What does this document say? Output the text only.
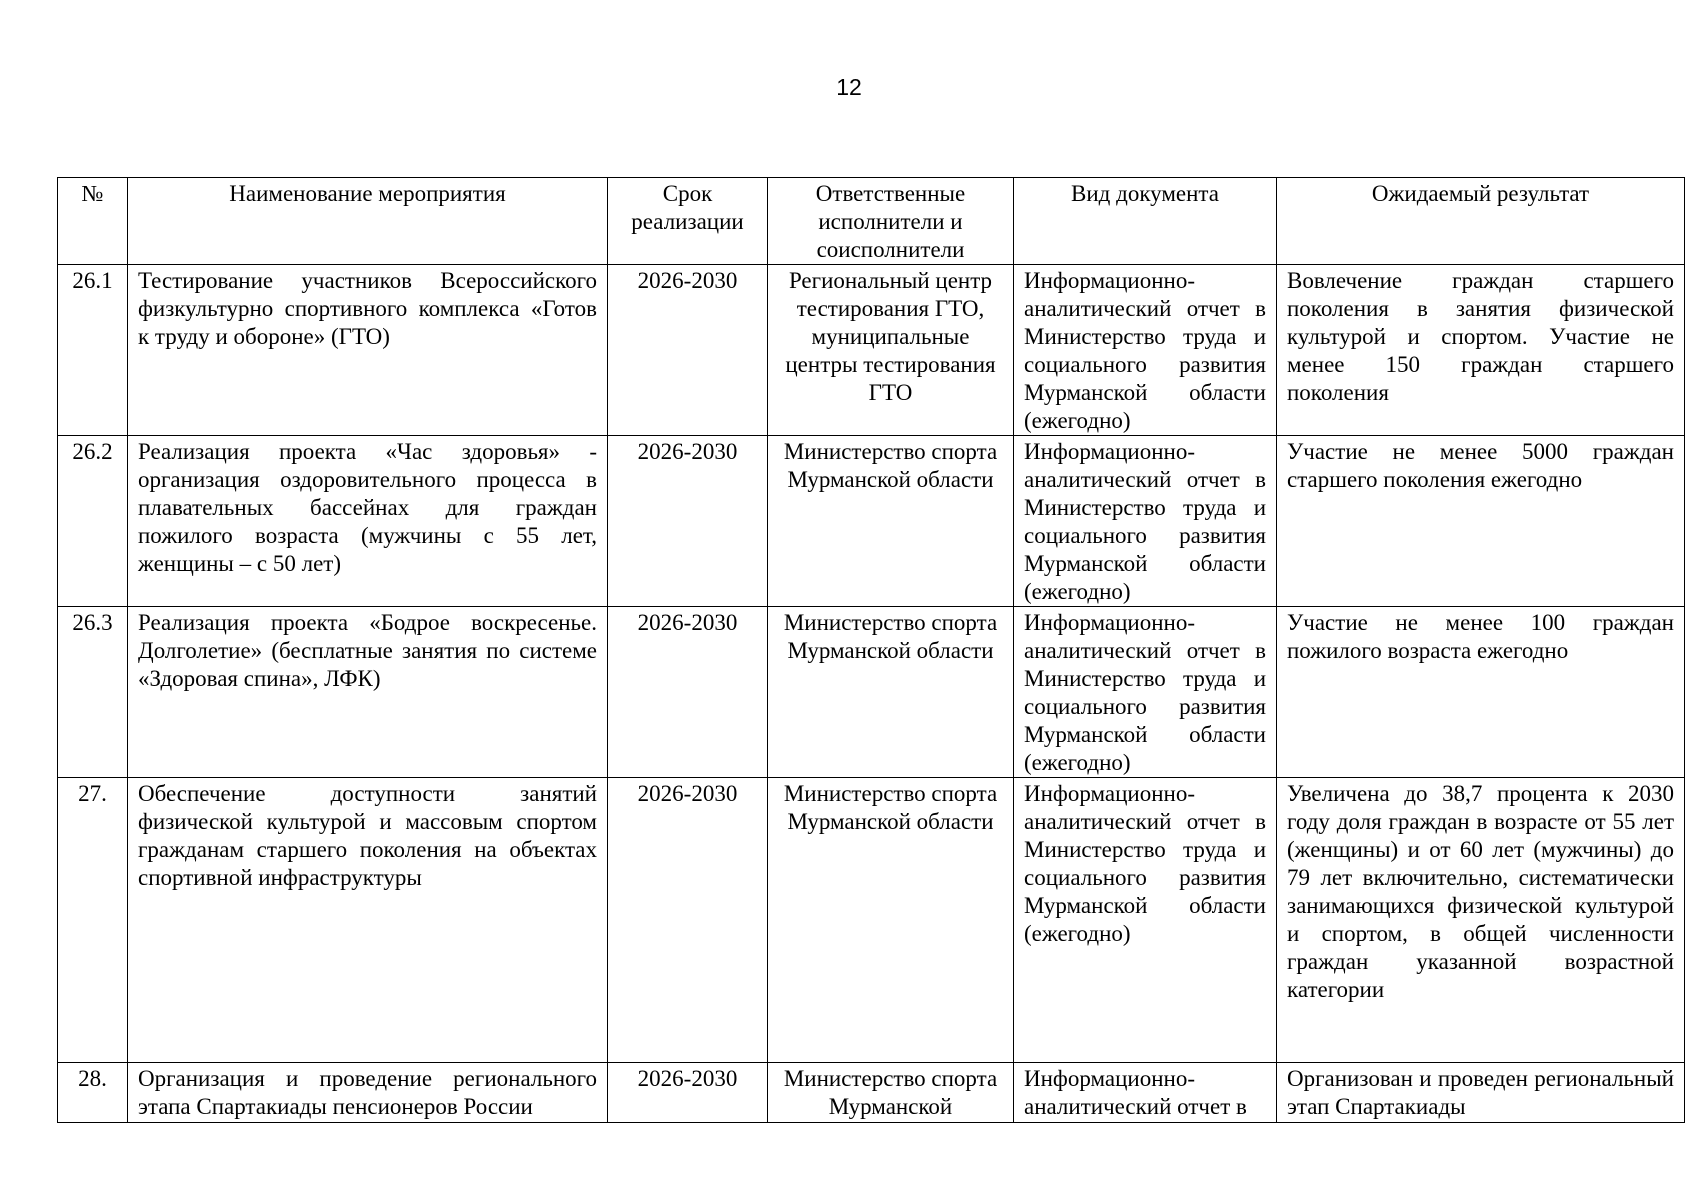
12
№	Наименование мероприятия	Срок реализации	Ответственные исполнители и соисполнители	Вид документа	Ожидаемый результат
26.1	Тестирование участников Всероссийского физкультурно спортивного комплекса «Готов к труду и обороне» (ГТО)	2026-2030	Региональный центр тестирования ГТО, муниципальные центры тестирования ГТО	Информационно-аналитический отчет в Министерство труда и социального развития Мурманской области (ежегодно)	Вовлечение граждан старшего поколения в занятия физической культурой и спортом. Участие не менее 150 граждан старшего поколения
26.2	Реализация проекта «Час здоровья» - организация оздоровительного процесса в плавательных бассейнах для граждан пожилого возраста (мужчины с 55 лет, женщины – с 50 лет)	2026-2030	Министерство спорта Мурманской области	Информационно-аналитический отчет в Министерство труда и социального развития Мурманской области (ежегодно)	Участие не менее 5000 граждан старшего поколения ежегодно
26.3	Реализация проекта «Бодрое воскресенье. Долголетие» (бесплатные занятия по системе «Здоровая спина», ЛФК)	2026-2030	Министерство спорта Мурманской области	Информационно-аналитический отчет в Министерство труда и социального развития Мурманской области (ежегодно)	Участие не менее 100 граждан пожилого возраста ежегодно
27.	Обеспечение доступности занятий физической культурой и массовым спортом гражданам старшего поколения на объектах спортивной инфраструктуры	2026-2030	Министерство спорта Мурманской области	Информационно-аналитический отчет в Министерство труда и социального развития Мурманской области (ежегодно)	Увеличена до 38,7 процента к 2030 году доля граждан в возрасте от 55 лет (женщины) и от 60 лет (мужчины) до 79 лет включительно, систематически занимающихся физической культурой и спортом, в общей численности граждан указанной возрастной категории
28.	Организация и проведение регионального этапа Спартакиады пенсионеров России	2026-2030	Министерство спорта Мурманской	Информационно-аналитический отчет в	Организован и проведен региональный этап Спартакиады
